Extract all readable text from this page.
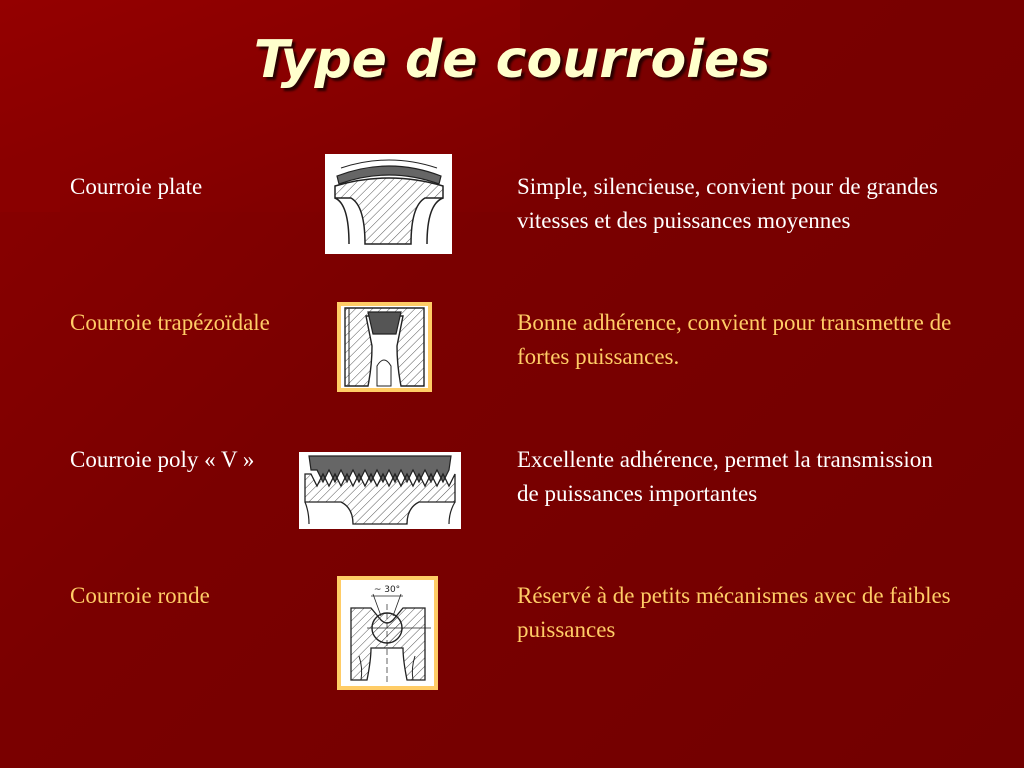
Type de courroies
Courroie plate	Simple, silencieuse, convient pour de grandes vitesses et des puissances moyennes
Courroie trapézoïdale	Bonne adhérence, convient pour transmettre de fortes puissances.
Courroie poly « V »	Excellente adhérence, permet la transmission de puissances importantes
Courroie ronde	~ 30°	Réservé à de petits mécanismes avec de faibles puissances
